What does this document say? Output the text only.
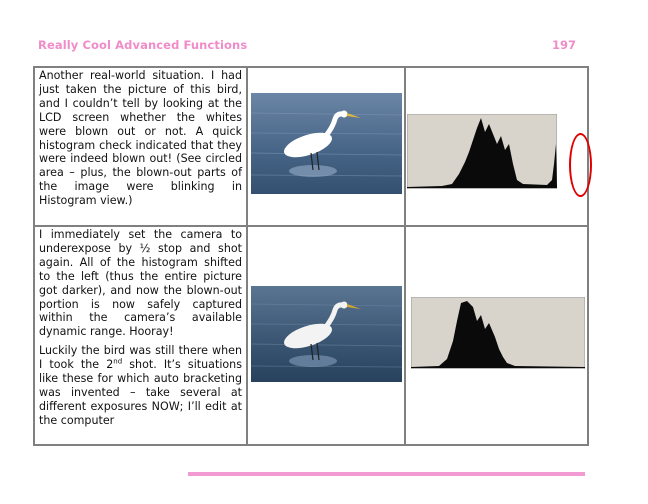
Really Cool Advanced Functions	197

Another real-world situation. I had just taken the picture of this bird, and I couldn’t tell by looking at the LCD screen whether the whites were blown out or not. A quick histogram check indicated that they were indeed blown out! (See circled area – plus, the blown-out parts of the image were blinking in Histogram view.)

I immediately set the camera to underexpose by ½ stop and shot again. All of the histogram shifted to the left (thus the entire picture got darker), and now the blown-out portion is now safely captured within the camera’s available dynamic range. Hooray!

Luckily the bird was still there when I took the 2nd shot. It’s situations like these for which auto bracketing was invented – take several at different exposures NOW; I’ll edit at the computer
